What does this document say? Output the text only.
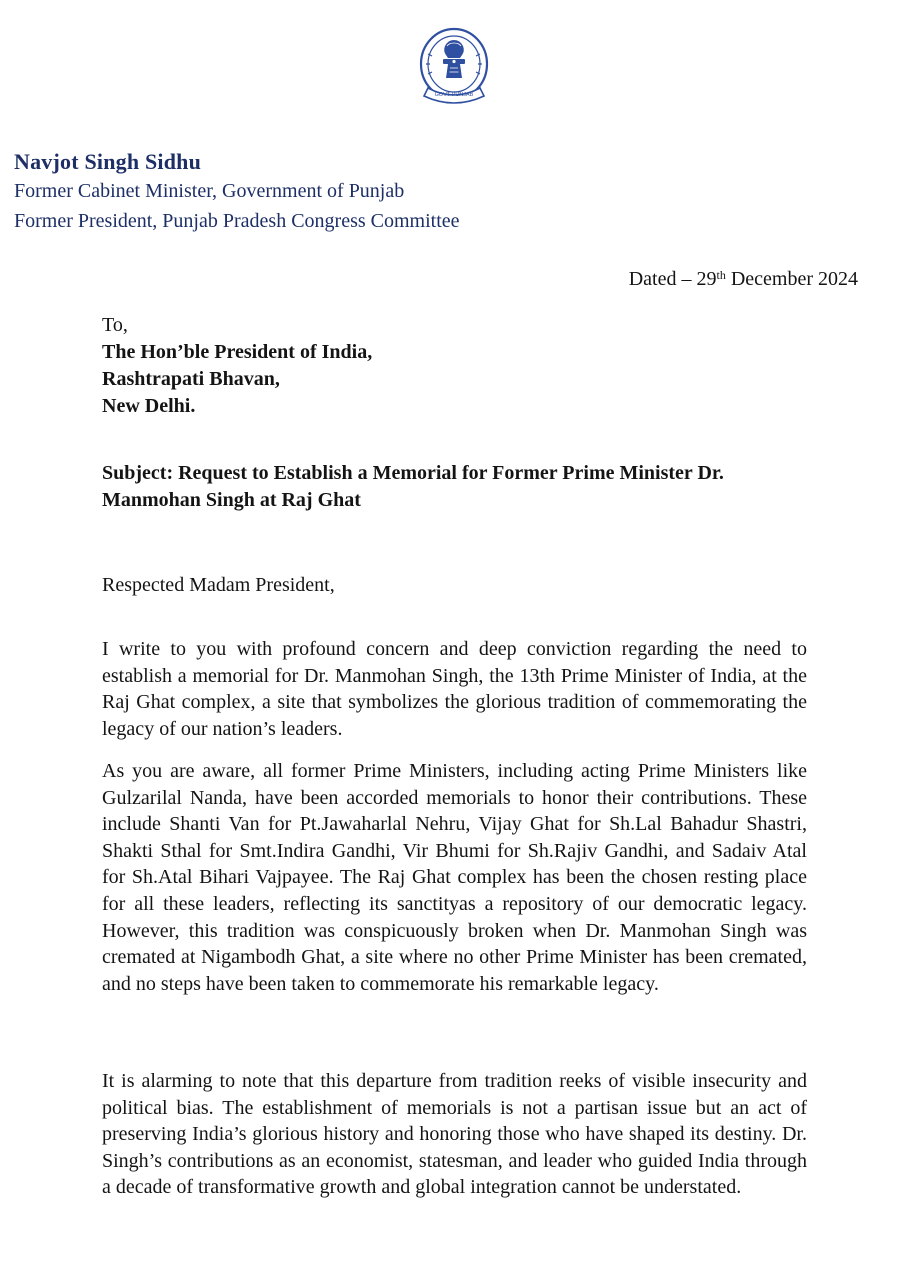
GOVT PUNJAB
Navjot Singh Sidhu
Former Cabinet Minister, Government of Punjab
Former President, Punjab Pradesh Congress Committee
Dated – 29th December 2024
To,
The Hon’ble President of India,
Rashtrapati Bhavan,
New Delhi.
Subject: Request to Establish a Memorial for Former Prime Minister Dr. Manmohan Singh at Raj Ghat
Respected Madam President,

I write to you with profound concern and deep conviction regarding the need to establish a memorial for Dr. Manmohan Singh, the 13th Prime Minister of India, at the Raj Ghat complex, a site that symbolizes the glorious tradition of commemorating the legacy of our nation’s leaders.

As you are aware, all former Prime Ministers, including acting Prime Ministers like Gulzarilal Nanda, have been accorded memorials to honor their contributions. These include Shanti Van for Pt.Jawaharlal Nehru, Vijay Ghat for Sh.Lal Bahadur Shastri, Shakti Sthal for Smt.Indira Gandhi, Vir Bhumi for Sh.Rajiv Gandhi, and Sadaiv Atal for Sh.Atal Bihari Vajpayee. The Raj Ghat complex has been the chosen resting place for all these leaders, reflecting its sanctityas a repository of our democratic legacy. However, this tradition was conspicuously broken when Dr. Manmohan Singh was cremated at Nigambodh Ghat, a site where no other Prime Minister has been cremated, and no steps have been taken to commemorate his remarkable legacy.

It is alarming to note that this departure from tradition reeks of visible insecurity and political bias. The establishment of memorials is not a partisan issue but an act of preserving India’s glorious history and honoring those who have shaped its destiny. Dr. Singh’s contributions as an economist, statesman, and leader who guided India through a decade of transformative growth and global integration cannot be understated.
